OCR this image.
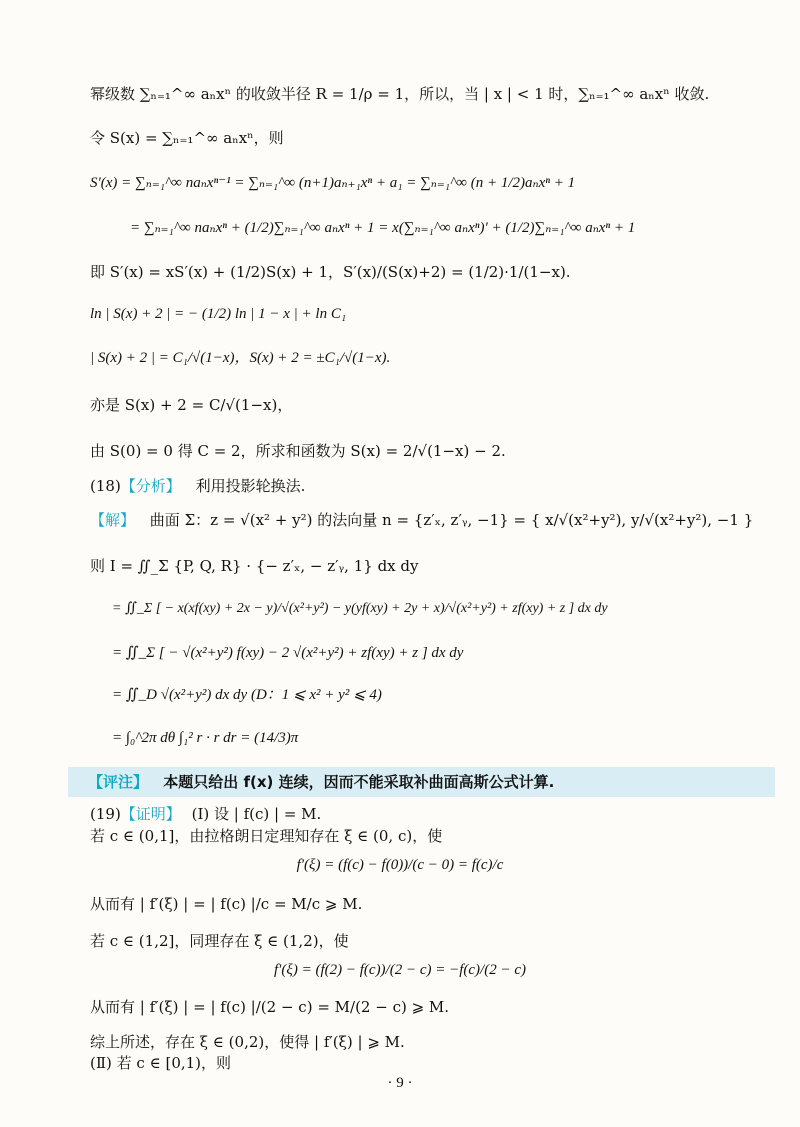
幂级数 ∑ₙ₌₁^∞ aₙxⁿ 的收敛半径 R = 1/ρ = 1，所以，当 | x | < 1 时，∑ₙ₌₁^∞ aₙxⁿ 收敛.
令 S(x) = ∑ₙ₌₁^∞ aₙxⁿ，则
S′(x) = ∑ₙ₌₁^∞ naₙxⁿ⁻¹ = ∑ₙ₌₁^∞ (n+1)aₙ₊₁xⁿ + a₁ = ∑ₙ₌₁^∞ (n + 1/2)aₙxⁿ + 1
= ∑ₙ₌₁^∞ naₙxⁿ + (1/2)∑ₙ₌₁^∞ aₙxⁿ + 1 = x(∑ₙ₌₁^∞ aₙxⁿ)′ + (1/2)∑ₙ₌₁^∞ aₙxⁿ + 1
即 S′(x) = xS′(x) + (1/2)S(x) + 1，S′(x)/(S(x)+2) = (1/2)·1/(1−x).
ln | S(x) + 2 | = − (1/2) ln | 1 − x | + ln C₁
| S(x) + 2 | = C₁/√(1−x)，S(x) + 2 = ±C₁/√(1−x).
亦是 S(x) + 2 = C/√(1−x)，
由 S(0) = 0 得 C = 2，所求和函数为 S(x) = 2/√(1−x) − 2.
(18)【分析】 利用投影轮换法.
【解】 曲面 Σ：z = √(x² + y²) 的法向量 n = {z′ₓ, z′ᵧ, −1} = { x/√(x²+y²), y/√(x²+y²), −1 }
则 I = ∬_Σ {P, Q, R} · {− z′ₓ, − z′ᵧ, 1} dx dy
= ∬_Σ [ − x(xf(xy) + 2x − y)/√(x²+y²) − y(yf(xy) + 2y + x)/√(x²+y²) + zf(xy) + z ] dx dy
= ∬_Σ [ − √(x²+y²) f(xy) − 2 √(x²+y²) + zf(xy) + z ] dx dy
= ∬_D √(x²+y²) dx dy (D：1 ⩽ x² + y² ⩽ 4)
= ∫₀^2π dθ ∫₁² r · r dr = (14/3)π
【评注】 本题只给出 f(x) 连续，因而不能采取补曲面高斯公式计算.
(19)【证明】 (Ⅰ) 设 | f(c) | = M.
若 c ∈ (0,1]，由拉格朗日定理知存在 ξ ∈ (0, c)，使
f′(ξ) = (f(c) − f(0))/(c − 0) = f(c)/c
从而有 | f′(ξ) | = | f(c) |/c = M/c ⩾ M.
若 c ∈ (1,2]，同理存在 ξ ∈ (1,2)，使
f′(ξ) = (f(2) − f(c))/(2 − c) = −f(c)/(2 − c)
从而有 | f′(ξ) | = | f(c) |/(2 − c) = M/(2 − c) ⩾ M.
综上所述，存在 ξ ∈ (0,2)，使得 | f′(ξ) | ⩾ M.
(Ⅱ) 若 c ∈ [0,1)，则
· 9 ·
